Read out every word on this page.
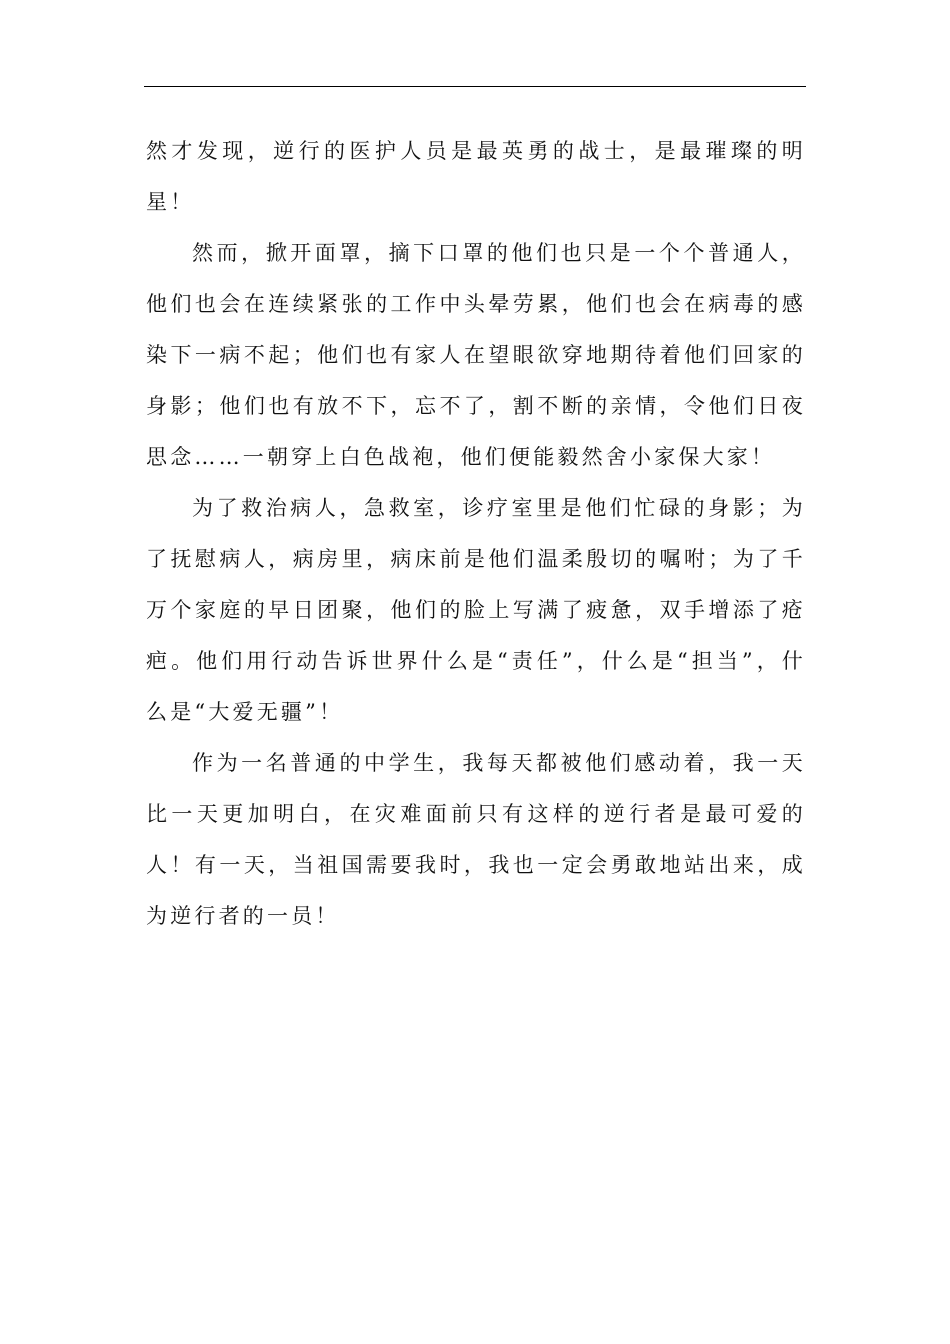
然才发现，逆行的医护人员是最英勇的战士，是最璀璨的明星！

然而，掀开面罩，摘下口罩的他们也只是一个个普通人，他们也会在连续紧张的工作中头晕劳累，他们也会在病毒的感染下一病不起；他们也有家人在望眼欲穿地期待着他们回家的身影；他们也有放不下，忘不了，割不断的亲情，令他们日夜思念……一朝穿上白色战袍，他们便能毅然舍小家保大家！

为了救治病人，急救室，诊疗室里是他们忙碌的身影；为了抚慰病人，病房里，病床前是他们温柔殷切的嘱咐；为了千万个家庭的早日团聚，他们的脸上写满了疲惫，双手增添了疮疤。他们用行动告诉世界什么是“责任”，什么是“担当”，什么是“大爱无疆”！

作为一名普通的中学生，我每天都被他们感动着，我一天比一天更加明白，在灾难面前只有这样的逆行者是最可爱的人！有一天，当祖国需要我时，我也一定会勇敢地站出来，成为逆行者的一员！
